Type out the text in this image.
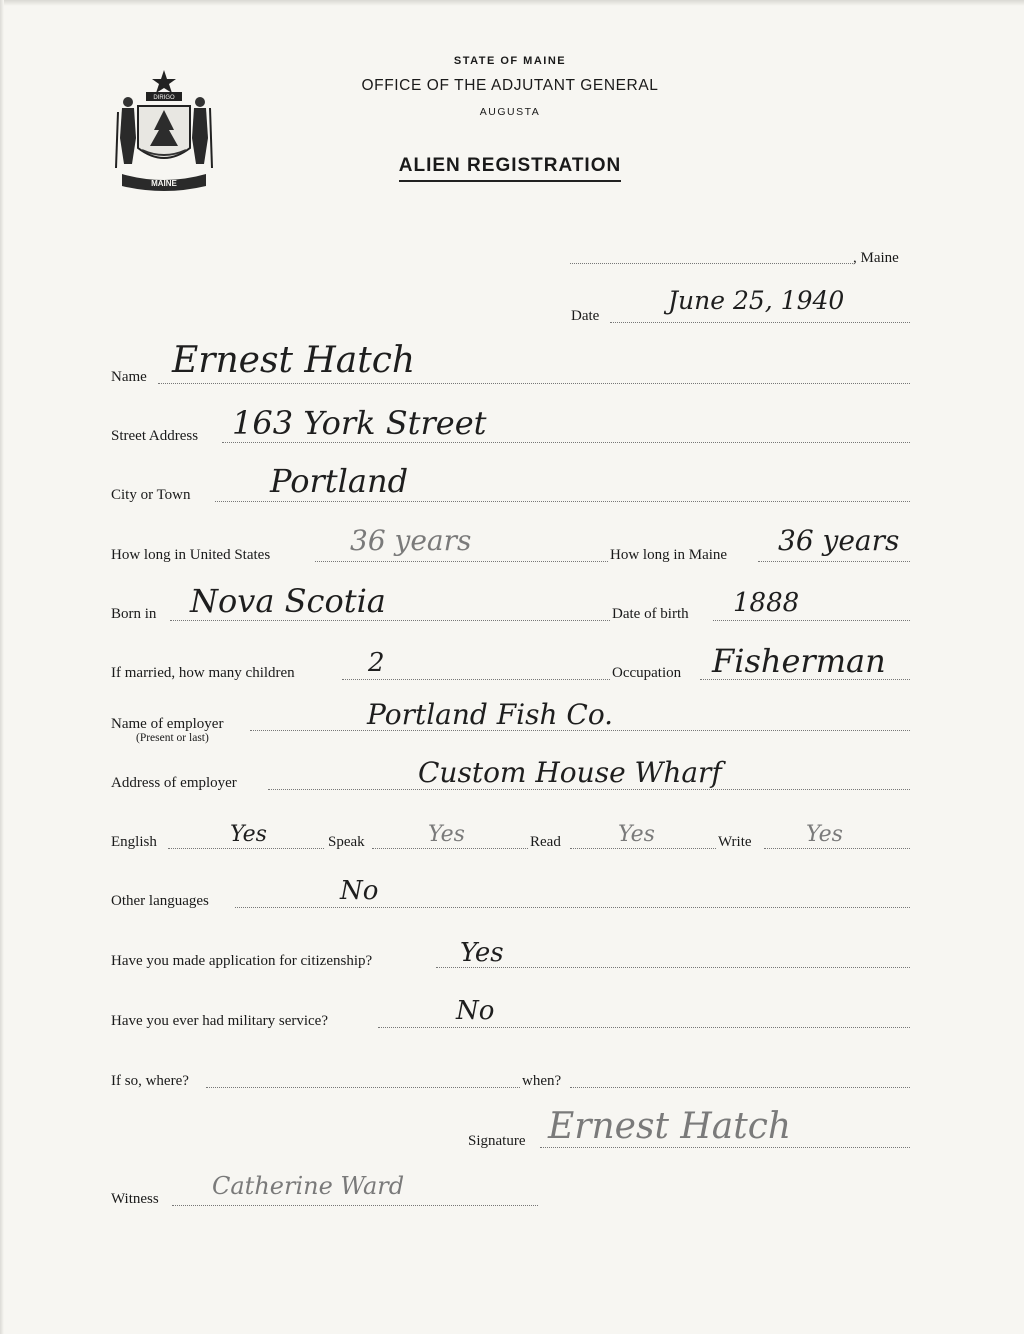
DIRIGO
MAINE
STATE OF MAINE
OFFICE OF THE ADJUTANT GENERAL
AUGUSTA
ALIEN REGISTRATION
, Maine
Date
June 25, 1940
Name Ernest Hatch
Street Address 163 York Street
City or Town Portland
How long in United States	36 years	How long in Maine 36 years
Born in Nova Scotia	Date of birth 1888
If married, how many children	2	Occupation Fisherman
Name of employer
(Present or last)
Portland Fish Co.
Address of employer	Custom House Wharf
English	Yes	Speak	Yes	Read	Yes	Write Yes
Other languages	No
Have you made application for citizenship?	Yes
Have you ever had military service?	No
If so, where?	when?
Signature Ernest Hatch
Witness Catherine Ward
